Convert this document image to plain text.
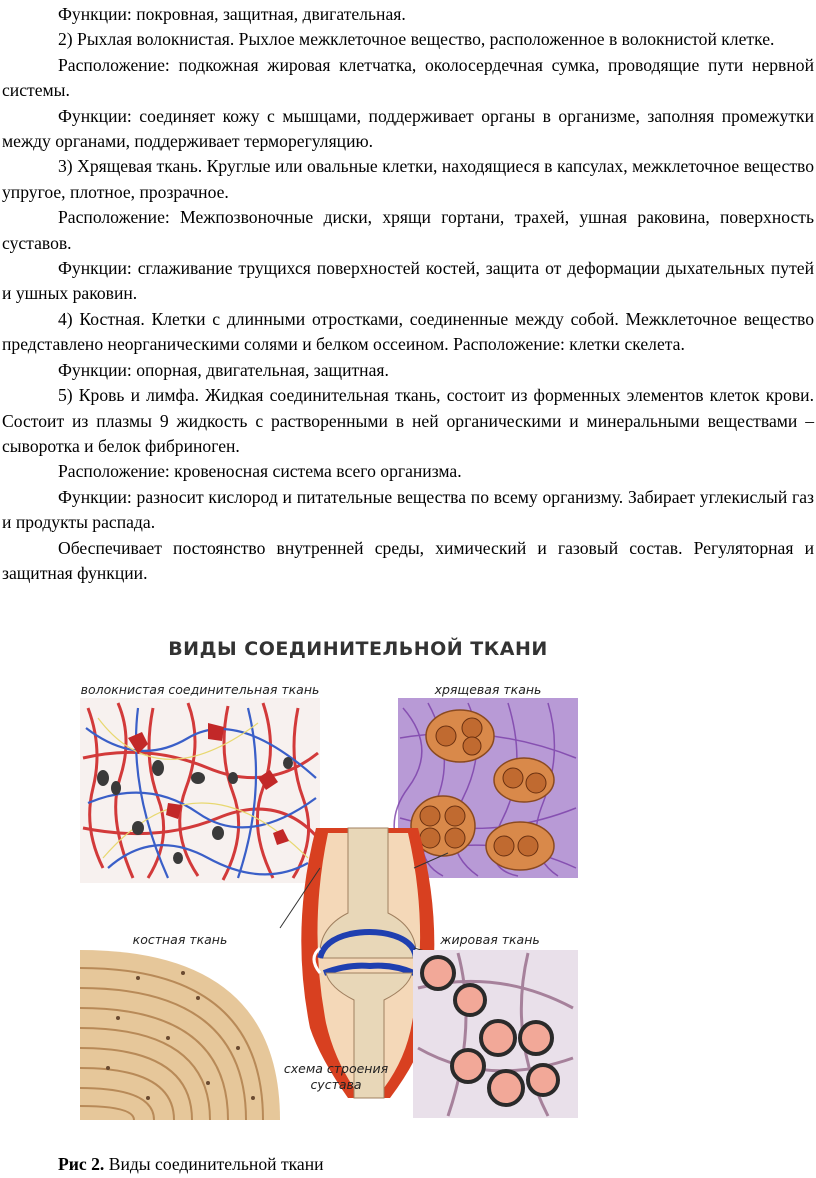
Функции: покровная, защитная, двигательная.

2) Рыхлая волокнистая. Рыхлое межклеточное вещество, расположенное в волокнистой клетке.

Расположение: подкожная жировая клетчатка, околосердечная сумка, проводящие пути нервной системы.

Функции: соединяет кожу с мышцами, поддерживает органы в организме, заполняя промежутки между органами, поддерживает терморегуляцию.

3) Хрящевая ткань. Круглые или овальные клетки, находящиеся в капсулах, межклеточное вещество упругое, плотное, прозрачное.

Расположение: Межпозвоночные диски, хрящи гортани, трахей, ушная раковина, поверхность суставов.

Функции: сглаживание трущихся поверхностей костей, защита от деформации дыхательных путей и ушных раковин.

4) Костная. Клетки с длинными отростками, соединенные между собой. Межклеточное вещество представлено неорганическими солями и белком оссеином. Расположение: клетки скелета.

Функции: опорная, двигательная, защитная.

5) Кровь и лимфа. Жидкая соединительная ткань, состоит из форменных элементов клеток крови. Состоит из плазмы 9 жидкость с растворенными в ней органическими и минеральными веществами – сыворотка и белок фибриноген.

Расположение: кровеносная система всего организма.

Функции: разносит кислород и питательные вещества по всему организму. Забирает углекислый газ и продукты распада.

Обеспечивает постоянство внутренней среды, химический и газовый состав. Регуляторная и защитная функции.

ВИДЫ СОЕДИНИТЕЛЬНОЙ ТКАНИ
волокнистая соединительная ткань	хрящевая ткань
схема строения сустава
костная ткань	жировая ткань
Рис 2. Виды соединительной ткани
